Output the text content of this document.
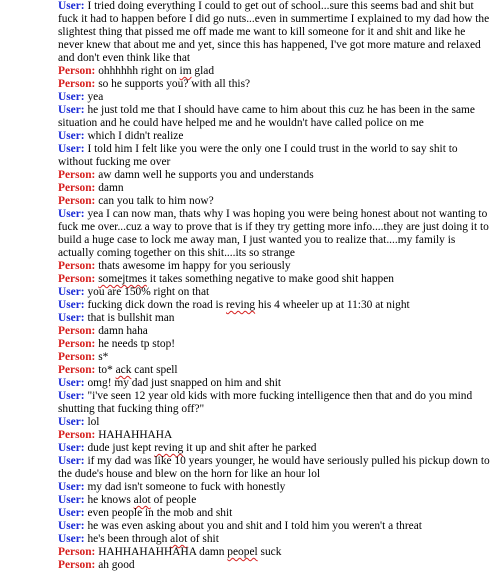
User: I tried doing everything I could to get out of school...sure this seems bad and shit but fuck it had to happen before I did go nuts...even in summertime I explained to my dad how the slightest thing that pissed me off made me want to kill someone for it and shit and like he never knew that about me and yet, since this has happened, I've got more mature and relaxed and don't even think like that
Person: ohhhhhh right on im glad
Person: so he supports you? with all this?
User: yea
User: he just told me that I should have came to him about this cuz he has been in the same situation and he could have helped me and he wouldn't have called police on me
User: which I didn't realize
User: I told him I felt like you were the only one I could trust in the world to say shit to without fucking me over
Person: aw damn well he supports you and understands
Person: damn
Person: can you talk to him now?
User: yea I can now man, thats why I was hoping you were being honest about not wanting to fuck me over...cuz a way to prove that is if they try getting more info....they are just doing it to build a huge case to lock me away man, I just wanted you to realize that....my family is actually coming together on this shit....its so strange
Person: thats awesome im happy for you seriously
Person: somejtmes it takes something negative to make good shit happen
User: you are 150% right on that
User: fucking dick down the road is reving his 4 wheeler up at 11:30 at night
User: that is bullshit man
Person: damn haha
Person: he needs tp stop!
Person: s*
Person: to* ack cant spell
User: omg! my dad just snapped on him and shit
User: "i've seen 12 year old kids with more fucking intelligence then that and do you mind shutting that fucking thing off?"
User: lol
Person: HAHAHHAHA
User: dude just kept reving it up and shit after he parked
User: if my dad was like 10 years younger, he would have seriously pulled his pickup down to the dude's house and blew on the horn for like an hour lol
User: my dad isn't someone to fuck with honestly
User: he knows alot of people
User: even people in the mob and shit
User: he was even asking about you and shit and I told him you weren't a threat
User: he's been through alot of shit
Person: HAHHAHAHHAHA damn peopel suck
Person: ah good
